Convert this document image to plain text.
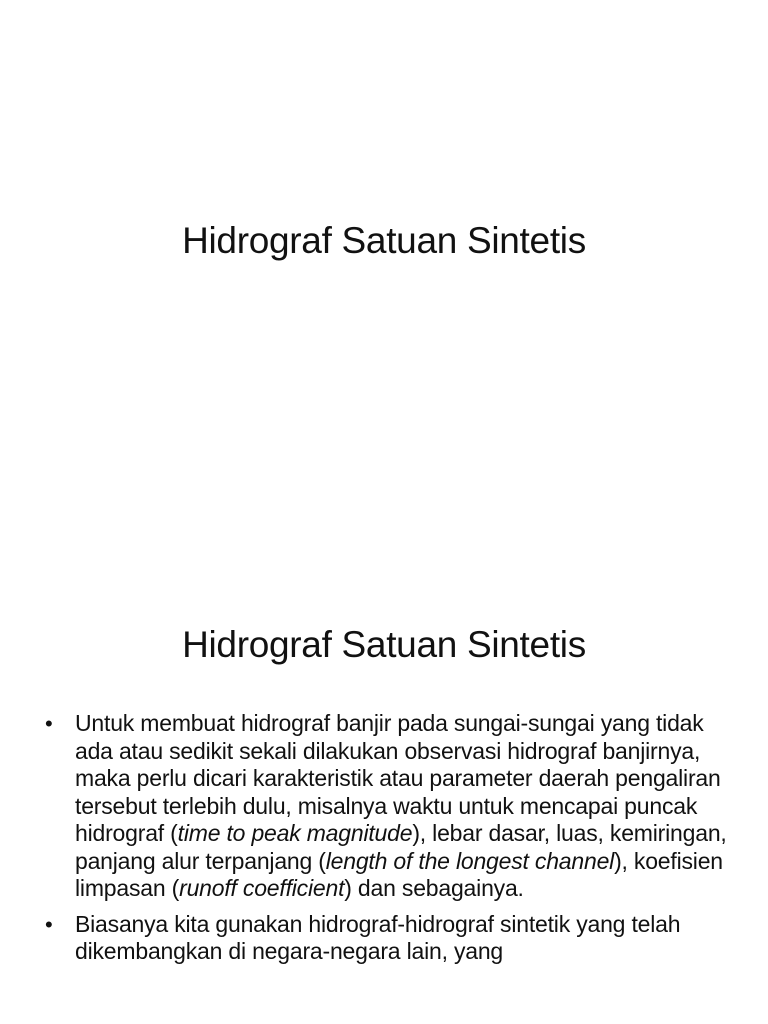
Hidrograf Satuan Sintetis
Hidrograf Satuan Sintetis
• Untuk membuat hidrograf banjir pada sungai-sungai yang tidak ada atau sedikit sekali dilakukan observasi hidrograf banjirnya, maka perlu dicari karakteristik atau parameter daerah pengaliran tersebut terlebih dulu, misalnya waktu untuk mencapai puncak hidrograf (time to peak magnitude), lebar dasar, luas, kemiringan, panjang alur terpanjang (length of the longest channel), koefisien limpasan (runoff coefficient) dan sebagainya.
• Biasanya kita gunakan hidrograf-hidrograf sintetik yang telah dikembangkan di negara-negara lain, yang
